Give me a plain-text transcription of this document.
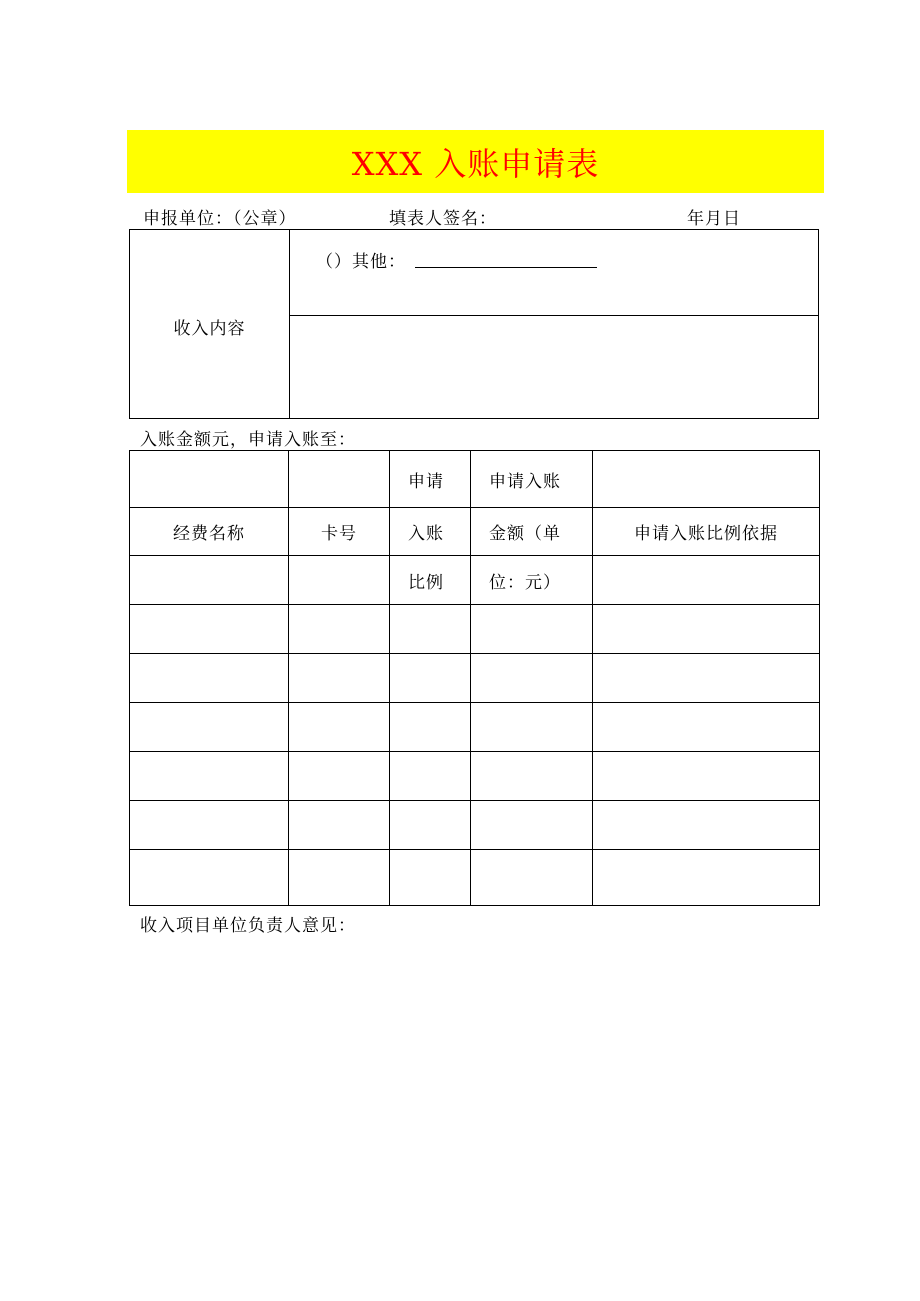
XXX 入账申请表
申报单位：（公章）	填表人签名：	年月日
收入内容
（）其他：
入账金额元，申请入账至：
		申请	申请入账	
经费名称	卡号	入账	金额（单	申请入账比例依据
		比例	位：元）	

收入项目单位负责人意见：
